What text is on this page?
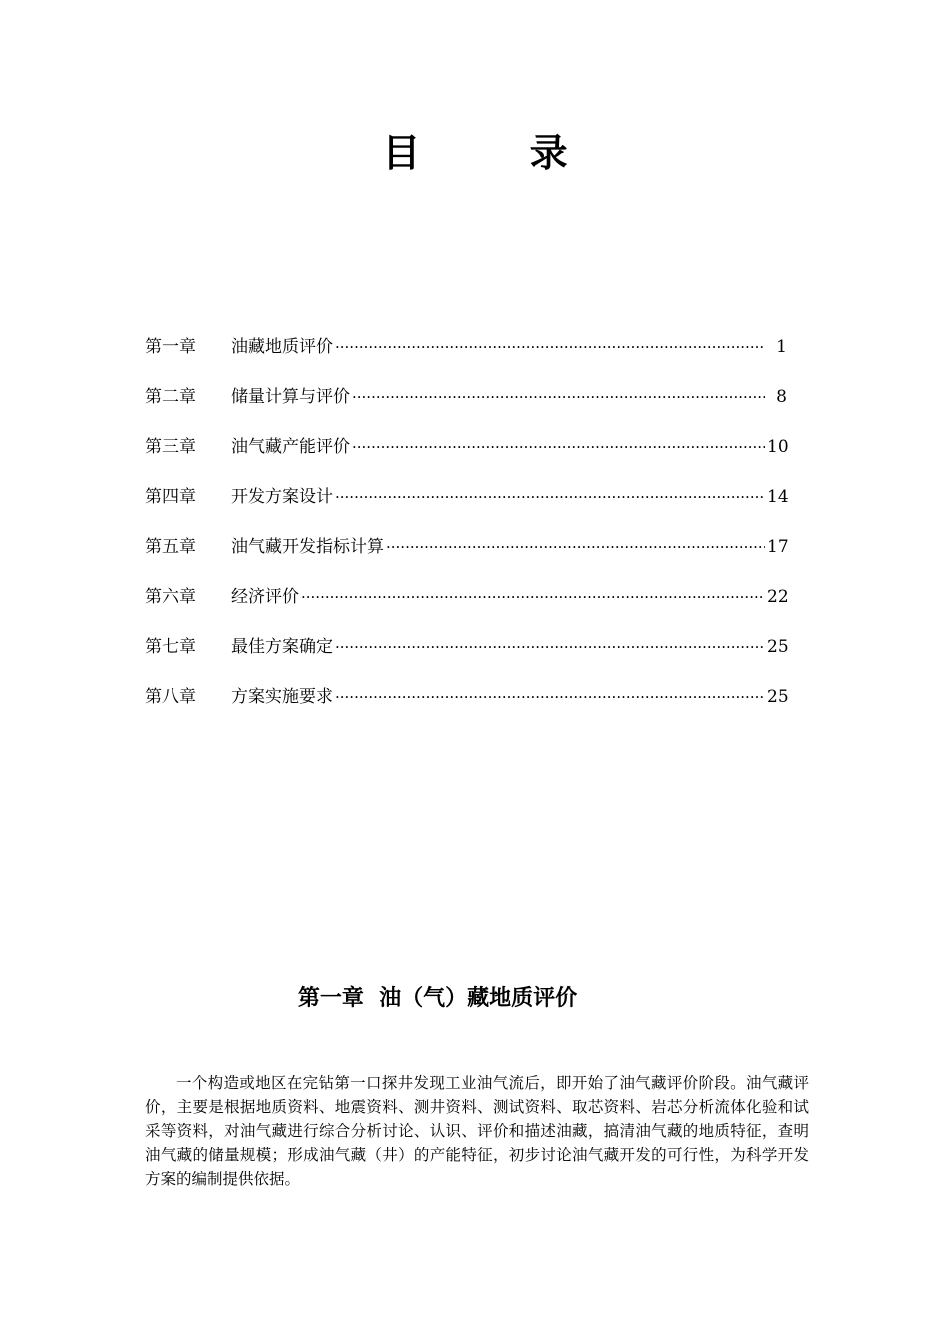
目 录
第一章	油藏地质评价 ·····	1
第二章	储量计算与评价 ·····	8
第三章	油气藏产能评价 ·····	10
第四章	开发方案设计 ·····	14
第五章	油气藏开发指标计算 ·····	17
第六章	经济评价 ·····	22
第七章	最佳方案确定 ·····	25
第八章	方案实施要求 ·····	25
第一章  油（气）藏地质评价

一个构造或地区在完钻第一口探井发现工业油气流后，即开始了油气藏评价阶段。油气藏评价，主要是根据地质资料、地震资料、测井资料、测试资料、取芯资料、岩芯分析流体化验和试采等资料，对油气藏进行综合分析讨论、认识、评价和描述油藏，搞清油气藏的地质特征，查明油气藏的储量规模；形成油气藏（井）的产能特征，初步讨论油气藏开发的可行性，为科学开发方案的编制提供依据。
